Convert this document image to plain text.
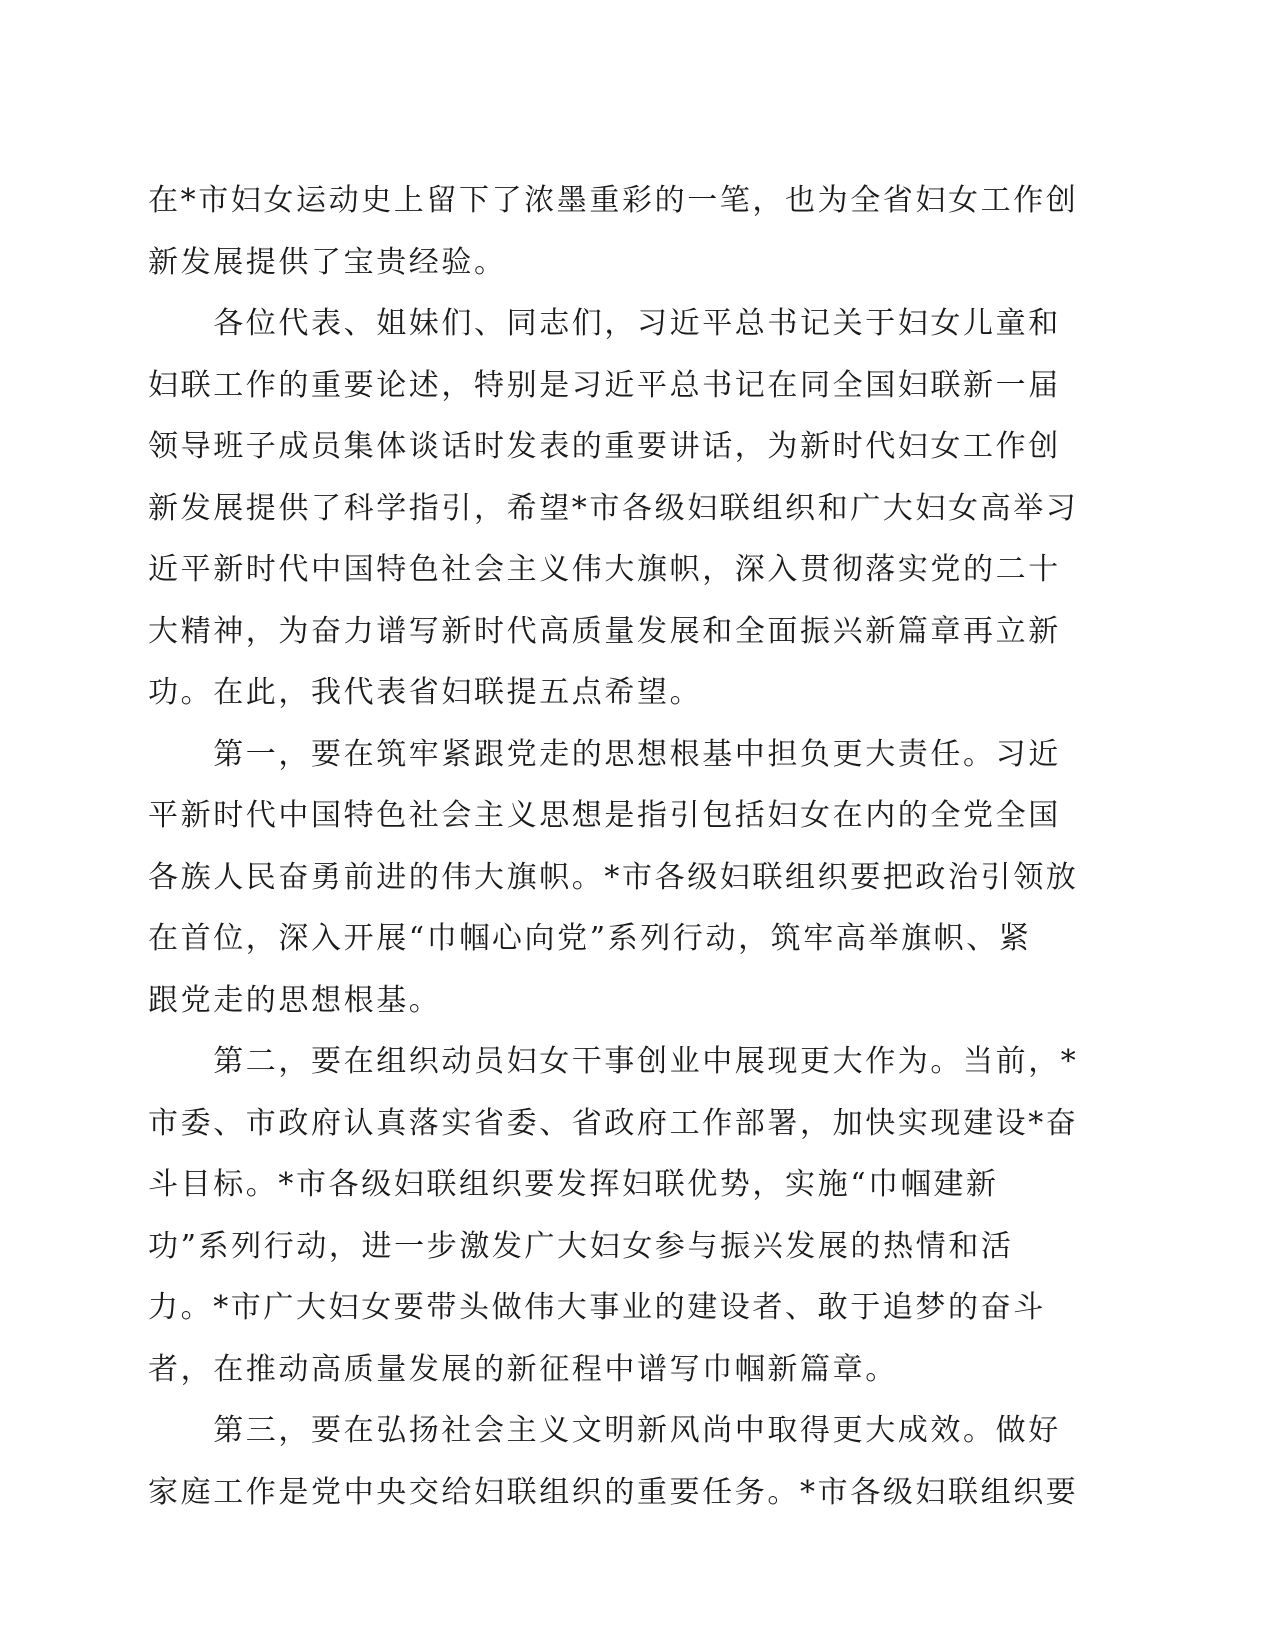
在*市妇女运动史上留下了浓墨重彩的一笔，也为全省妇女工作创
新发展提供了宝贵经验。
　　各位代表、姐妹们、同志们，习近平总书记关于妇女儿童和
妇联工作的重要论述，特别是习近平总书记在同全国妇联新一届
领导班子成员集体谈话时发表的重要讲话，为新时代妇女工作创
新发展提供了科学指引，希望*市各级妇联组织和广大妇女高举习
近平新时代中国特色社会主义伟大旗帜，深入贯彻落实党的二十
大精神，为奋力谱写新时代高质量发展和全面振兴新篇章再立新
功。在此，我代表省妇联提五点希望。
　　第一，要在筑牢紧跟党走的思想根基中担负更大责任。习近
平新时代中国特色社会主义思想是指引包括妇女在内的全党全国
各族人民奋勇前进的伟大旗帜。*市各级妇联组织要把政治引领放
在首位，深入开展“巾帼心向党”系列行动，筑牢高举旗帜、紧
跟党走的思想根基。
　　第二，要在组织动员妇女干事创业中展现更大作为。当前，*
市委、市政府认真落实省委、省政府工作部署，加快实现建设*奋
斗目标。*市各级妇联组织要发挥妇联优势，实施“巾帼建新
功”系列行动，进一步激发广大妇女参与振兴发展的热情和活
力。*市广大妇女要带头做伟大事业的建设者、敢于追梦的奋斗
者，在推动高质量发展的新征程中谱写巾帼新篇章。
　　第三，要在弘扬社会主义文明新风尚中取得更大成效。做好
家庭工作是党中央交给妇联组织的重要任务。*市各级妇联组织要
